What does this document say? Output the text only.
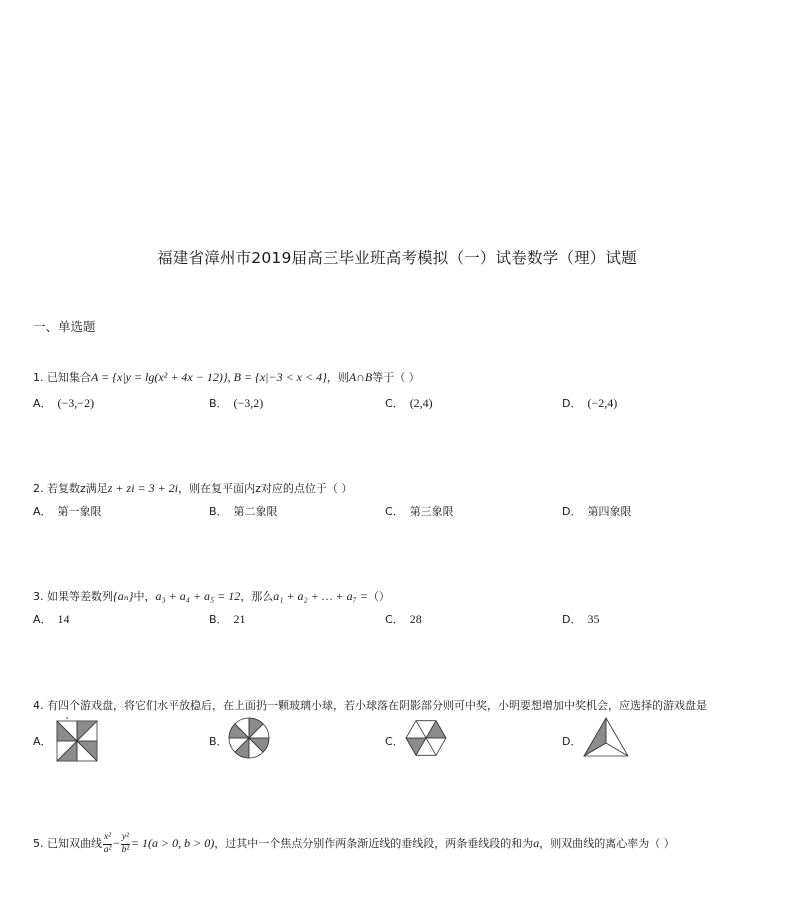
福建省漳州市2019届高三毕业班高考模拟（一）试卷数学（理）试题
一、单选题
1. 已知集合A = {x|y = lg(x² + 4x − 12)}, B = {x|−3 < x < 4}，则A∩B等于（ ）
A． (−3,−2)	B． (−3,2)	C． (2,4)	D． (−2,4)
2. 若复数z满足z + zi = 3 + 2i，则在复平面内z对应的点位于（ ）
A． 第一象限	B． 第二象限	C． 第三象限	D． 第四象限
3. 如果等差数列{aₙ}中，a₃ + a₄ + a₅ = 12，那么a₁ + a₂ + … + a₇ =（）
A． 14	B． 21	C． 28	D． 35
4. 有四个游戏盘，将它们水平放稳后，在上面扔一颗玻璃小球，若小球落在阴影部分则可中奖，小明要想增加中奖机会，应选择的游戏盘是
A．	B．	C．	D．
5. 已知双曲线 $\frac{\text{x²}}{\text{a²}} - \frac{\text{y²}}{\text{b²}} = 1(a > 0$, b > 0)，过其中一个焦点分别作两条渐近线的垂线段，两条垂线段的和为a，则双曲线的离心率为（ ）
